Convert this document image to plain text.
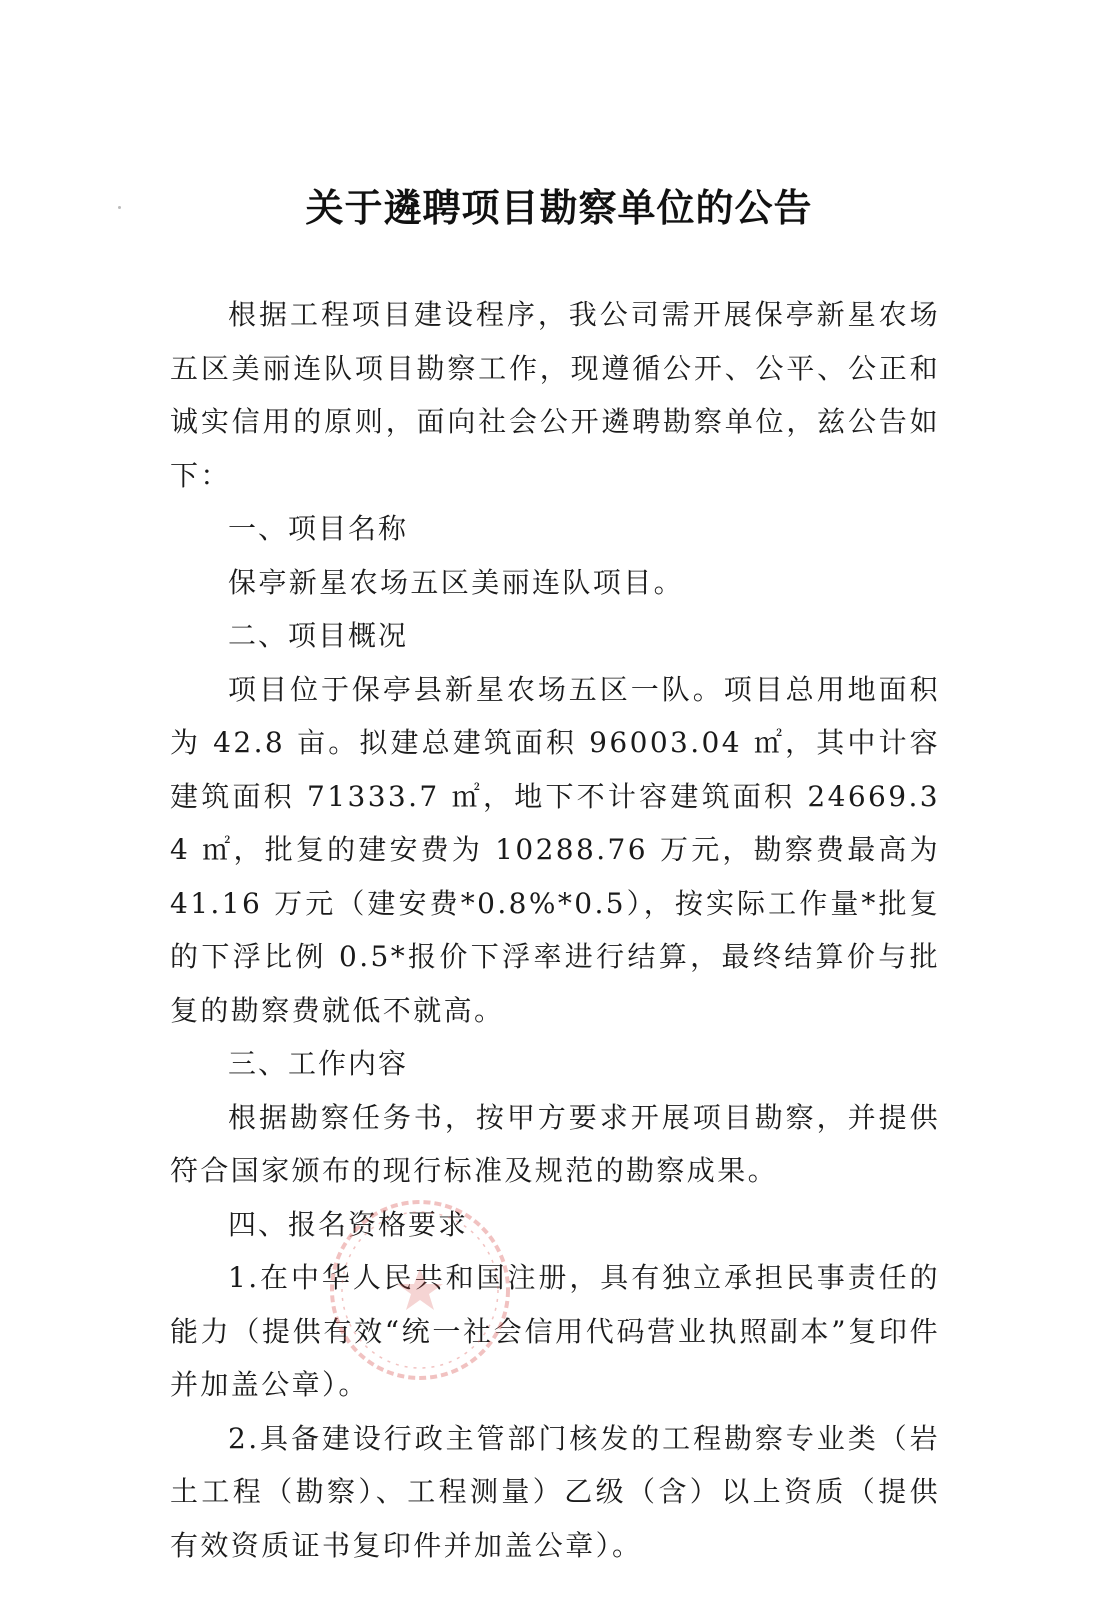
关于遴聘项目勘察单位的公告

根据工程项目建设程序，我公司需开展保亭新星农场五区美丽连队项目勘察工作，现遵循公开、公平、公正和诚实信用的原则，面向社会公开遴聘勘察单位，兹公告如下：

一、项目名称

保亭新星农场五区美丽连队项目。

二、项目概况

项目位于保亭县新星农场五区一队。项目总用地面积为 42.8 亩。拟建总建筑面积 96003.04 ㎡，其中计容建筑面积 71333.7 ㎡，地下不计容建筑面积 24669.34 ㎡，批复的建安费为 10288.76 万元，勘察费最高为 41.16 万元（建安费*0.8%*0.5），按实际工作量*批复的下浮比例 0.5*报价下浮率进行结算，最终结算价与批复的勘察费就低不就高。

三、工作内容

根据勘察任务书，按甲方要求开展项目勘察，并提供符合国家颁布的现行标准及规范的勘察成果。

四、报名资格要求

1.在中华人民共和国注册，具有独立承担民事责任的能力（提供有效“统一社会信用代码营业执照副本”复印件并加盖公章）。

2.具备建设行政主管部门核发的工程勘察专业类（岩土工程（勘察）、工程测量）乙级（含）以上资质（提供有效资质证书复印件并加盖公章）。
